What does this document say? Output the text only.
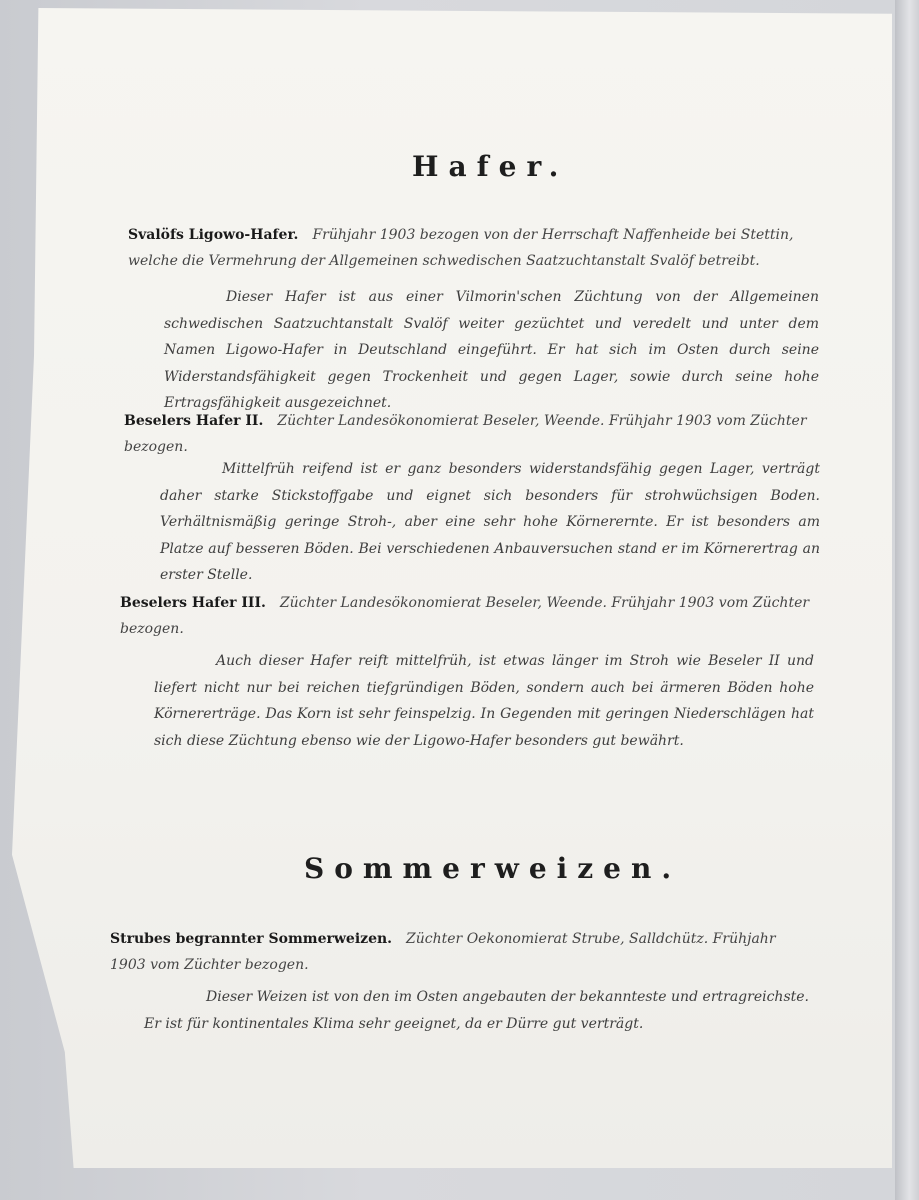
Hafer.

Svalöfs Ligowo-Hafer. Frühjahr 1903 bezogen von der Herrschaft Naffenheide bei Stettin, welche die Vermehrung der Allgemeinen schwedischen Saatzuchtanstalt Svalöf betreibt.

Dieser Hafer ist aus einer Vilmorin'schen Züchtung von der Allgemeinen schwedischen Saatzuchtanstalt Svalöf weiter gezüchtet und veredelt und unter dem Namen Ligowo-Hafer in Deutschland eingeführt. Er hat sich im Osten durch seine Widerstandsfähigkeit gegen Trockenheit und gegen Lager, sowie durch seine hohe Ertragsfähigkeit ausgezeichnet.

Beselers Hafer II. Züchter Landesökonomierat Beseler, Weende. Frühjahr 1903 vom Züchter bezogen.

Mittelfrüh reifend ist er ganz besonders widerstandsfähig gegen Lager, verträgt daher starke Stickstoffgabe und eignet sich besonders für strohwüchsigen Boden. Verhältnismäßig geringe Stroh-, aber eine sehr hohe Körnerernte. Er ist besonders am Platze auf besseren Böden. Bei verschiedenen Anbauversuchen stand er im Körnerertrag an erster Stelle.

Beselers Hafer III. Züchter Landesökonomierat Beseler, Weende. Frühjahr 1903 vom Züchter bezogen.

Auch dieser Hafer reift mittelfrüh, ist etwas länger im Stroh wie Beseler II und liefert nicht nur bei reichen tiefgründigen Böden, sondern auch bei ärmeren Böden hohe Körnererträge. Das Korn ist sehr feinspelzig. In Gegenden mit geringen Niederschlägen hat sich diese Züchtung ebenso wie der Ligowo-Hafer besonders gut bewährt.

Sommerweizen.

Strubes begrannter Sommerweizen. Züchter Oekonomierat Strube, Salldchütz. Frühjahr 1903 vom Züchter bezogen.

Dieser Weizen ist von den im Osten angebauten der bekannteste und ertragreichste. Er ist für kontinentales Klima sehr geeignet, da er Dürre gut verträgt.
